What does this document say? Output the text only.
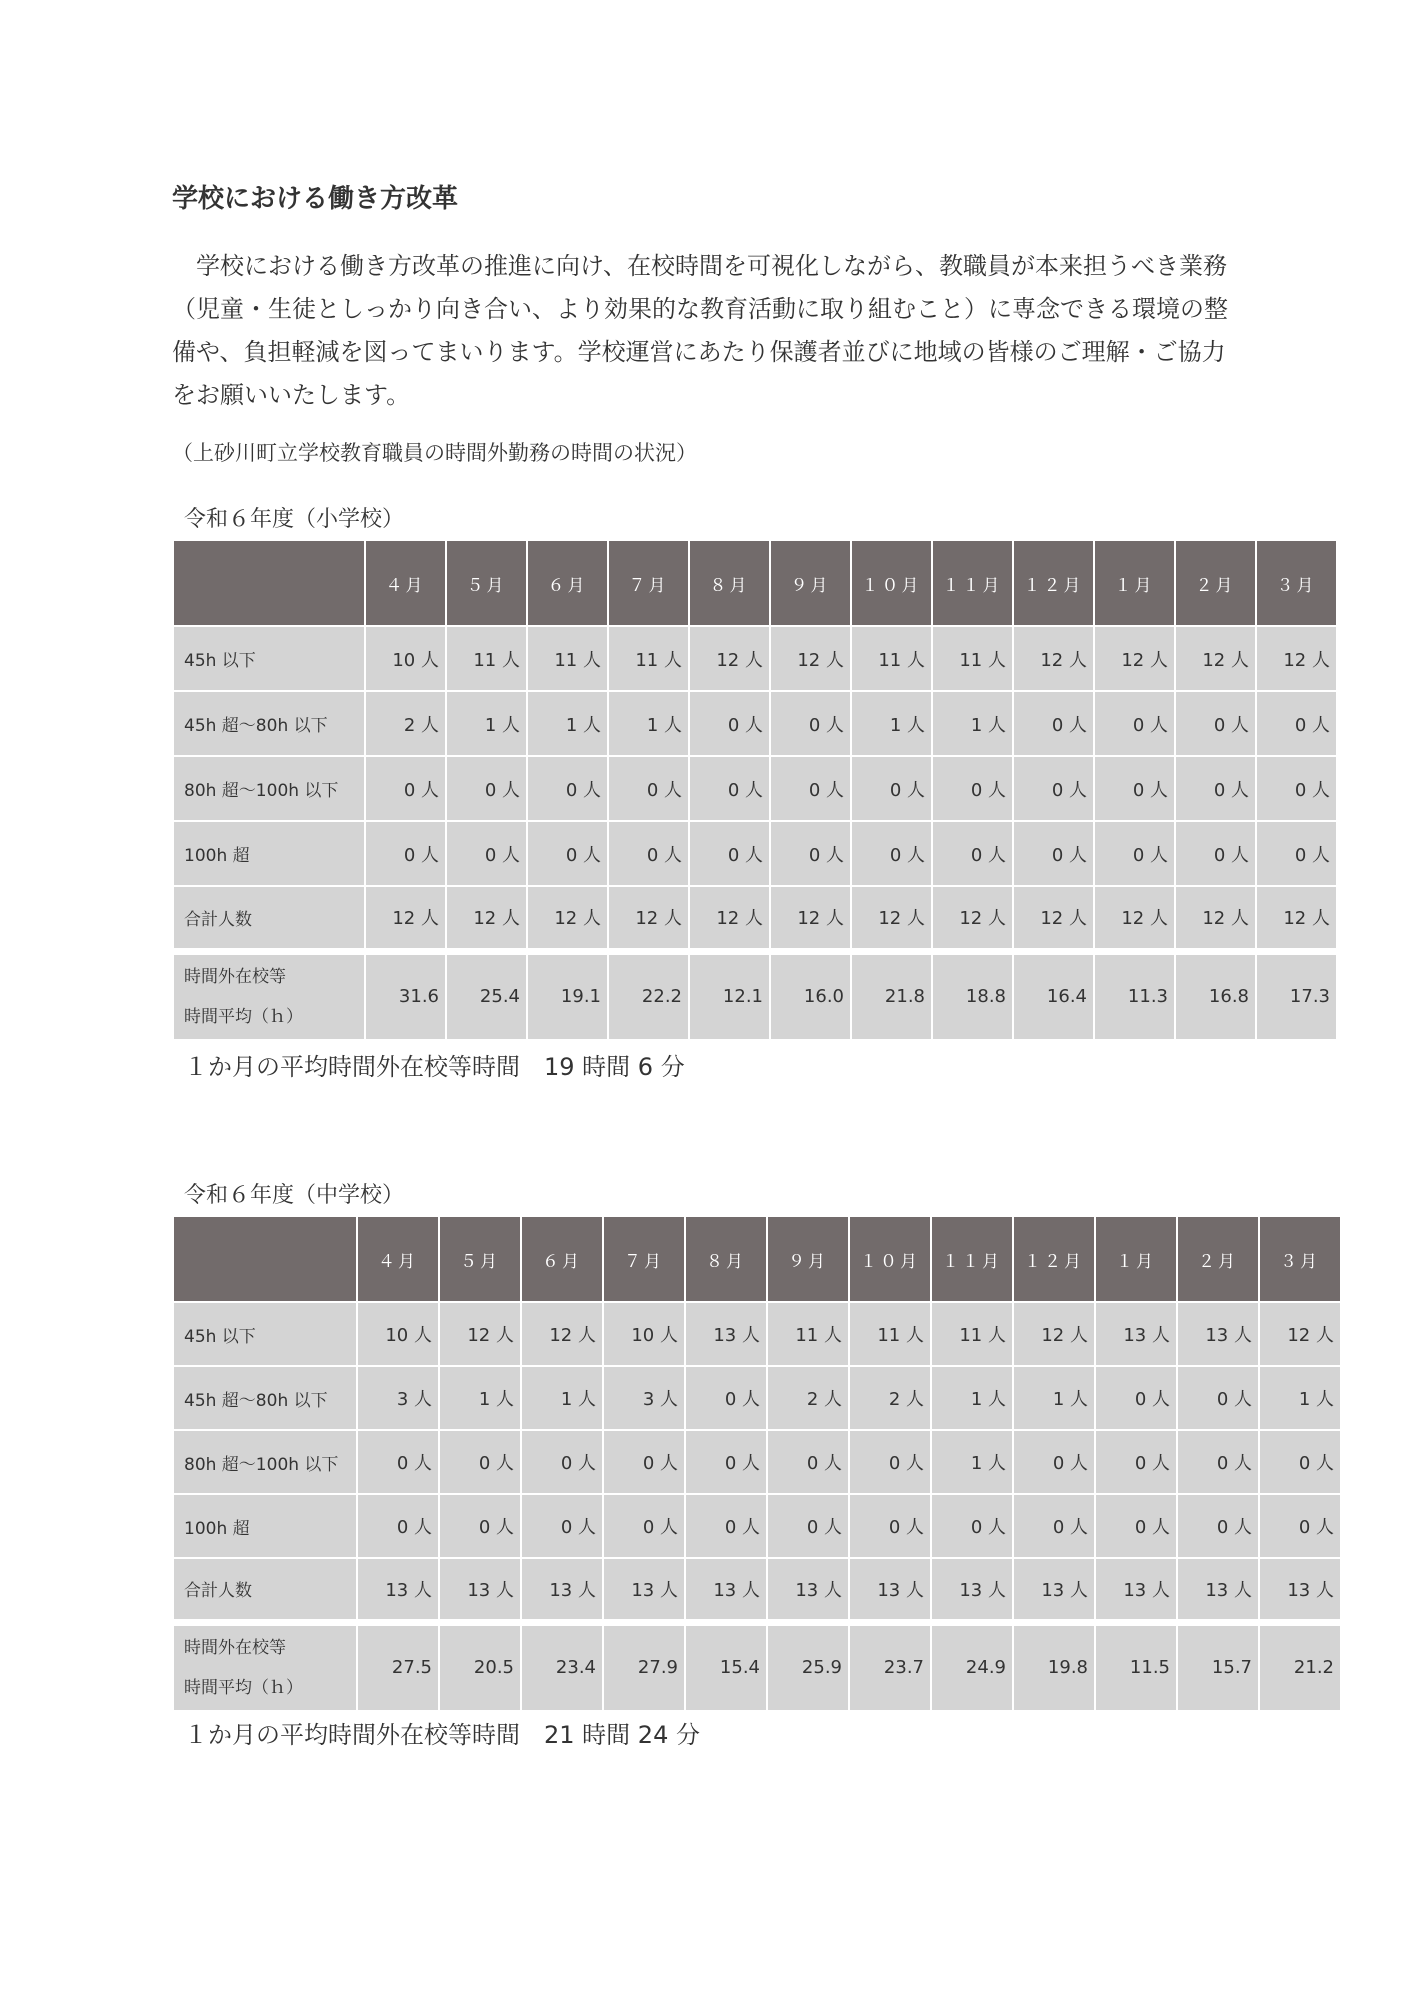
学校における働き方改革

学校における働き方改革の推進に向け、在校時間を可視化しながら、教職員が本来担うべき業務（児童・生徒としっかり向き合い、より効果的な教育活動に取り組むこと）に専念できる環境の整備や、負担軽減を図ってまいります。学校運営にあたり保護者並びに地域の皆様のご理解・ご協力をお願いいたします。

（上砂川町立学校教育職員の時間外勤務の時間の状況）

令和６年度（小学校）

	４月	５月	６月	７月	８月	９月	１０月	１１月	１２月	１月	２月	３月
45h 以下	10 人	11 人	11 人	11 人	12 人	12 人	11 人	11 人	12 人	12 人	12 人	12 人
45h 超～80h 以下	2 人	1 人	1 人	1 人	0 人	0 人	1 人	1 人	0 人	0 人	0 人	0 人
80h 超～100h 以下	0 人	0 人	0 人	0 人	0 人	0 人	0 人	0 人	0 人	0 人	0 人	0 人
100h 超	0 人	0 人	0 人	0 人	0 人	0 人	0 人	0 人	0 人	0 人	0 人	0 人
合計人数	12 人	12 人	12 人	12 人	12 人	12 人	12 人	12 人	12 人	12 人	12 人	12 人

時間外在校等
時間平均（ｈ）	31.6	25.4	19.1	22.2	12.1	16.0	21.8	18.8	16.4	11.3	16.8	17.3

１か月の平均時間外在校等時間　19 時間 6 分

令和６年度（中学校）

	４月	５月	６月	７月	８月	９月	１０月	１１月	１２月	１月	２月	３月
45h 以下	10 人	12 人	12 人	10 人	13 人	11 人	11 人	11 人	12 人	13 人	13 人	12 人
45h 超～80h 以下	3 人	1 人	1 人	3 人	0 人	2 人	2 人	1 人	1 人	0 人	0 人	1 人
80h 超～100h 以下	0 人	0 人	0 人	0 人	0 人	0 人	0 人	1 人	0 人	0 人	0 人	0 人
100h 超	0 人	0 人	0 人	0 人	0 人	0 人	0 人	0 人	0 人	0 人	0 人	0 人
合計人数	13 人	13 人	13 人	13 人	13 人	13 人	13 人	13 人	13 人	13 人	13 人	13 人

時間外在校等
時間平均（ｈ）	27.5	20.5	23.4	27.9	15.4	25.9	23.7	24.9	19.8	11.5	15.7	21.2

１か月の平均時間外在校等時間　21 時間 24 分
